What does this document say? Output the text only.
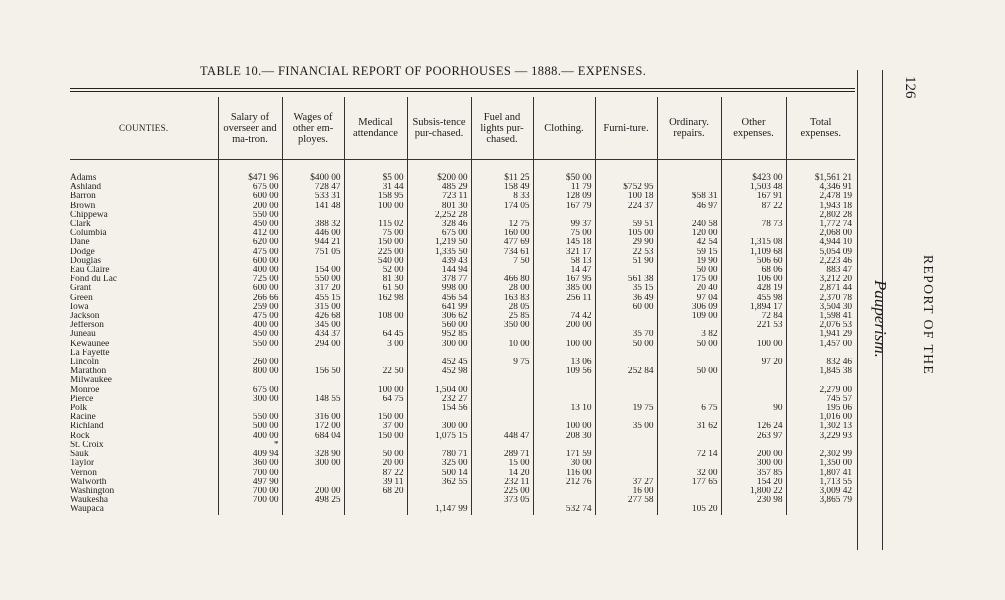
TABLE 10.— FINANCIAL REPORT OF POORHOUSES — 1888.— EXPENSES.
COUNTIES.	Salary of overseer and ma-tron.	Wages of other em-ployes.	Medical attendance	Subsis-tence pur-chased.	Fuel and lights pur-chased.	Clothing.	Furni-ture.	Ordinary. repairs.	Other expenses.	Total expenses.
Adams	$471 96	$400 00	$5 00	$200 00	$11 25	$50 00			$423 00	$1,561 21
Ashland	675 00	728 47	31 44	485 29	158 49	11 79	$752 95		1,503 48	4,346 91
Barron	600 00	533 31	158 95	723 11	8 33	128 09	100 18	$58 31	167 91	2,478 19
Brown	200 00	141 48	100 00	801 30	174 05	167 79	224 37	46 97	87 22	1,943 18
Chippewa	550 00			2,252 28						2,802 28
Clark	450 00	388 32	115 02	328 46	12 75	99 37	59 51	240 58	78 73	1,772 74
Columbia	412 00	446 00	75 00	675 00	160 00	75 00	105 00	120 00		2,068 00
Dane	620 00	944 21	150 00	1,219 50	477 69	145 18	29 90	42 54	1,315 08	4,944 10
Dodge	475 00	751 05	225 00	1,335 50	734 61	321 17	22 53	59 15	1,109 68	5,054 09
Douglas	600 00		540 00	439 43	7 50	58 13	51 90	19 90	506 60	2,223 46
Eau Claire	400 00	154 00	52 00	144 94		14 47		50 00	68 06	883 47
Fond du Lac	725 00	550 00	81 30	378 77	466 80	167 95	561 38	175 00	106 00	3,212 20
Grant	600 00	317 20	61 50	998 00	28 00	385 00	35 15	20 40	428 19	2,871 44
Green	266 66	455 15	162 98	456 54	163 83	256 11	36 49	97 04	455 98	2,370 78
Iowa	259 00	315 00		641 99	28 05		60 00	306 09	1,894 17	3,504 30
Jackson	475 00	426 68	108 00	306 62	25 85	74 42		109 00	72 84	1,598 41
Jefferson	400 00	345 00		560 00	350 00	200 00			221 53	2,076 53
Juneau	450 00	434 37	64 45	952 85			35 70	3 82		1,941 29
Kewaunee	550 00	294 00	3 00	300 00	10 00	100 00	50 00	50 00	100 00	1,457 00
La Fayette										
Lincoln	260 00			452 45	9 75	13 06			97 20	832 46
Marathon	800 00	156 50	22 50	452 98		109 56	252 84	50 00		1,845 38
Milwaukee										
Monroe	675 00		100 00	1,504 00						2,279 00
Pierce	300 00	148 55	64 75	232 27						745 57
Polk				154 56		13 10	19 75	6 75	90	195 06
Racine	550 00	316 00	150 00							1,016 00
Richland	500 00	172 00	37 00	300 00		100 00	35 00	31 62	126 24	1,302 13
Rock	400 00	684 04	150 00	1,075 15	448 47	208 30			263 97	3,229 93
St. Croix	*									
Sauk	409 94	328 90	50 00	780 71	289 71	171 59		72 14	200 00	2,302 99
Taylor	360 00	300 00	20 00	325 00	15 00	30 00			300 00	1,350 00
Vernon	700 00		87 22	500 14	14 20	116 00		32 00	357 85	1,807 41
Walworth	497 90		39 11	362 55	232 11	212 76	37 27	177 65	154 20	1,713 55
Washington	700 00	200 00	68 20		225 00		16 00		1,800 22	3,009 42
Waukesha	700 00	498 25			373 05		277 58		230 98	3,865 79
Waupaca				1,147 99		532 74		105 20		
126
REPORT OF THE
Pauperism.
